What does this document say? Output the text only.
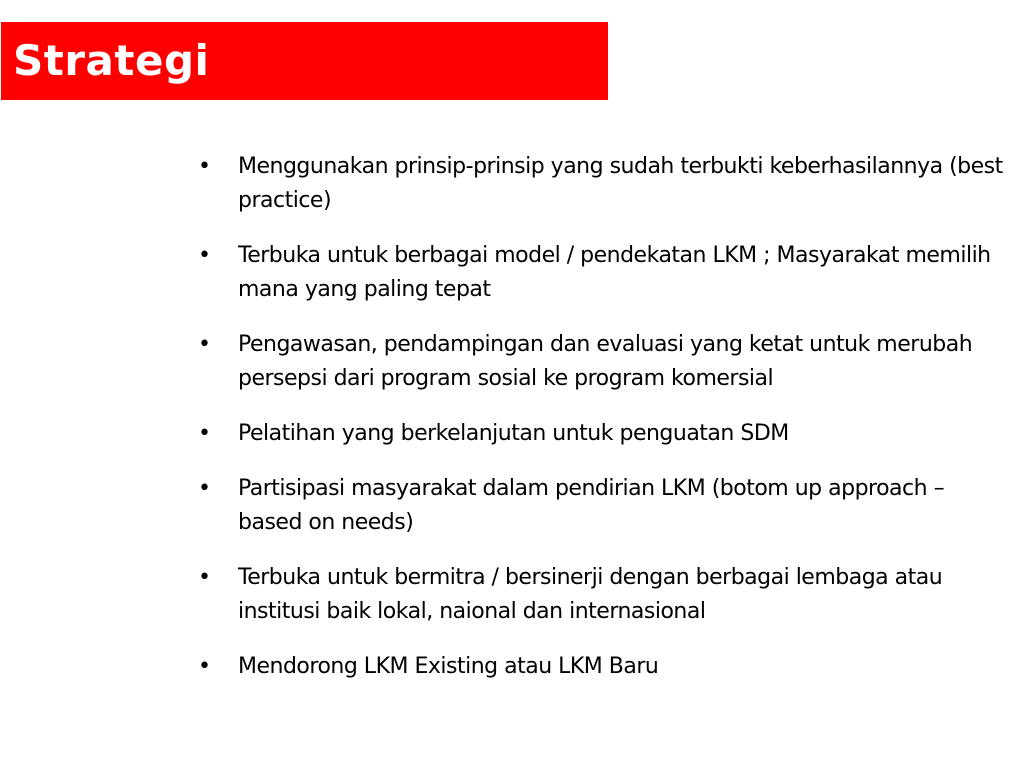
Strategi
•	Menggunakan prinsip-prinsip yang sudah terbukti keberhasilannya (best practice)
•	Terbuka untuk berbagai model / pendekatan LKM ; Masyarakat memilih mana yang paling tepat
•	Pengawasan, pendampingan dan evaluasi yang ketat untuk merubah persepsi dari program sosial ke program komersial
•	Pelatihan yang berkelanjutan untuk penguatan SDM
•	Partisipasi masyarakat dalam pendirian LKM (botom up approach – based on needs)
•	Terbuka untuk bermitra / bersinerji dengan berbagai lembaga atau institusi baik lokal, naional dan internasional
•	Mendorong LKM Existing atau LKM Baru
